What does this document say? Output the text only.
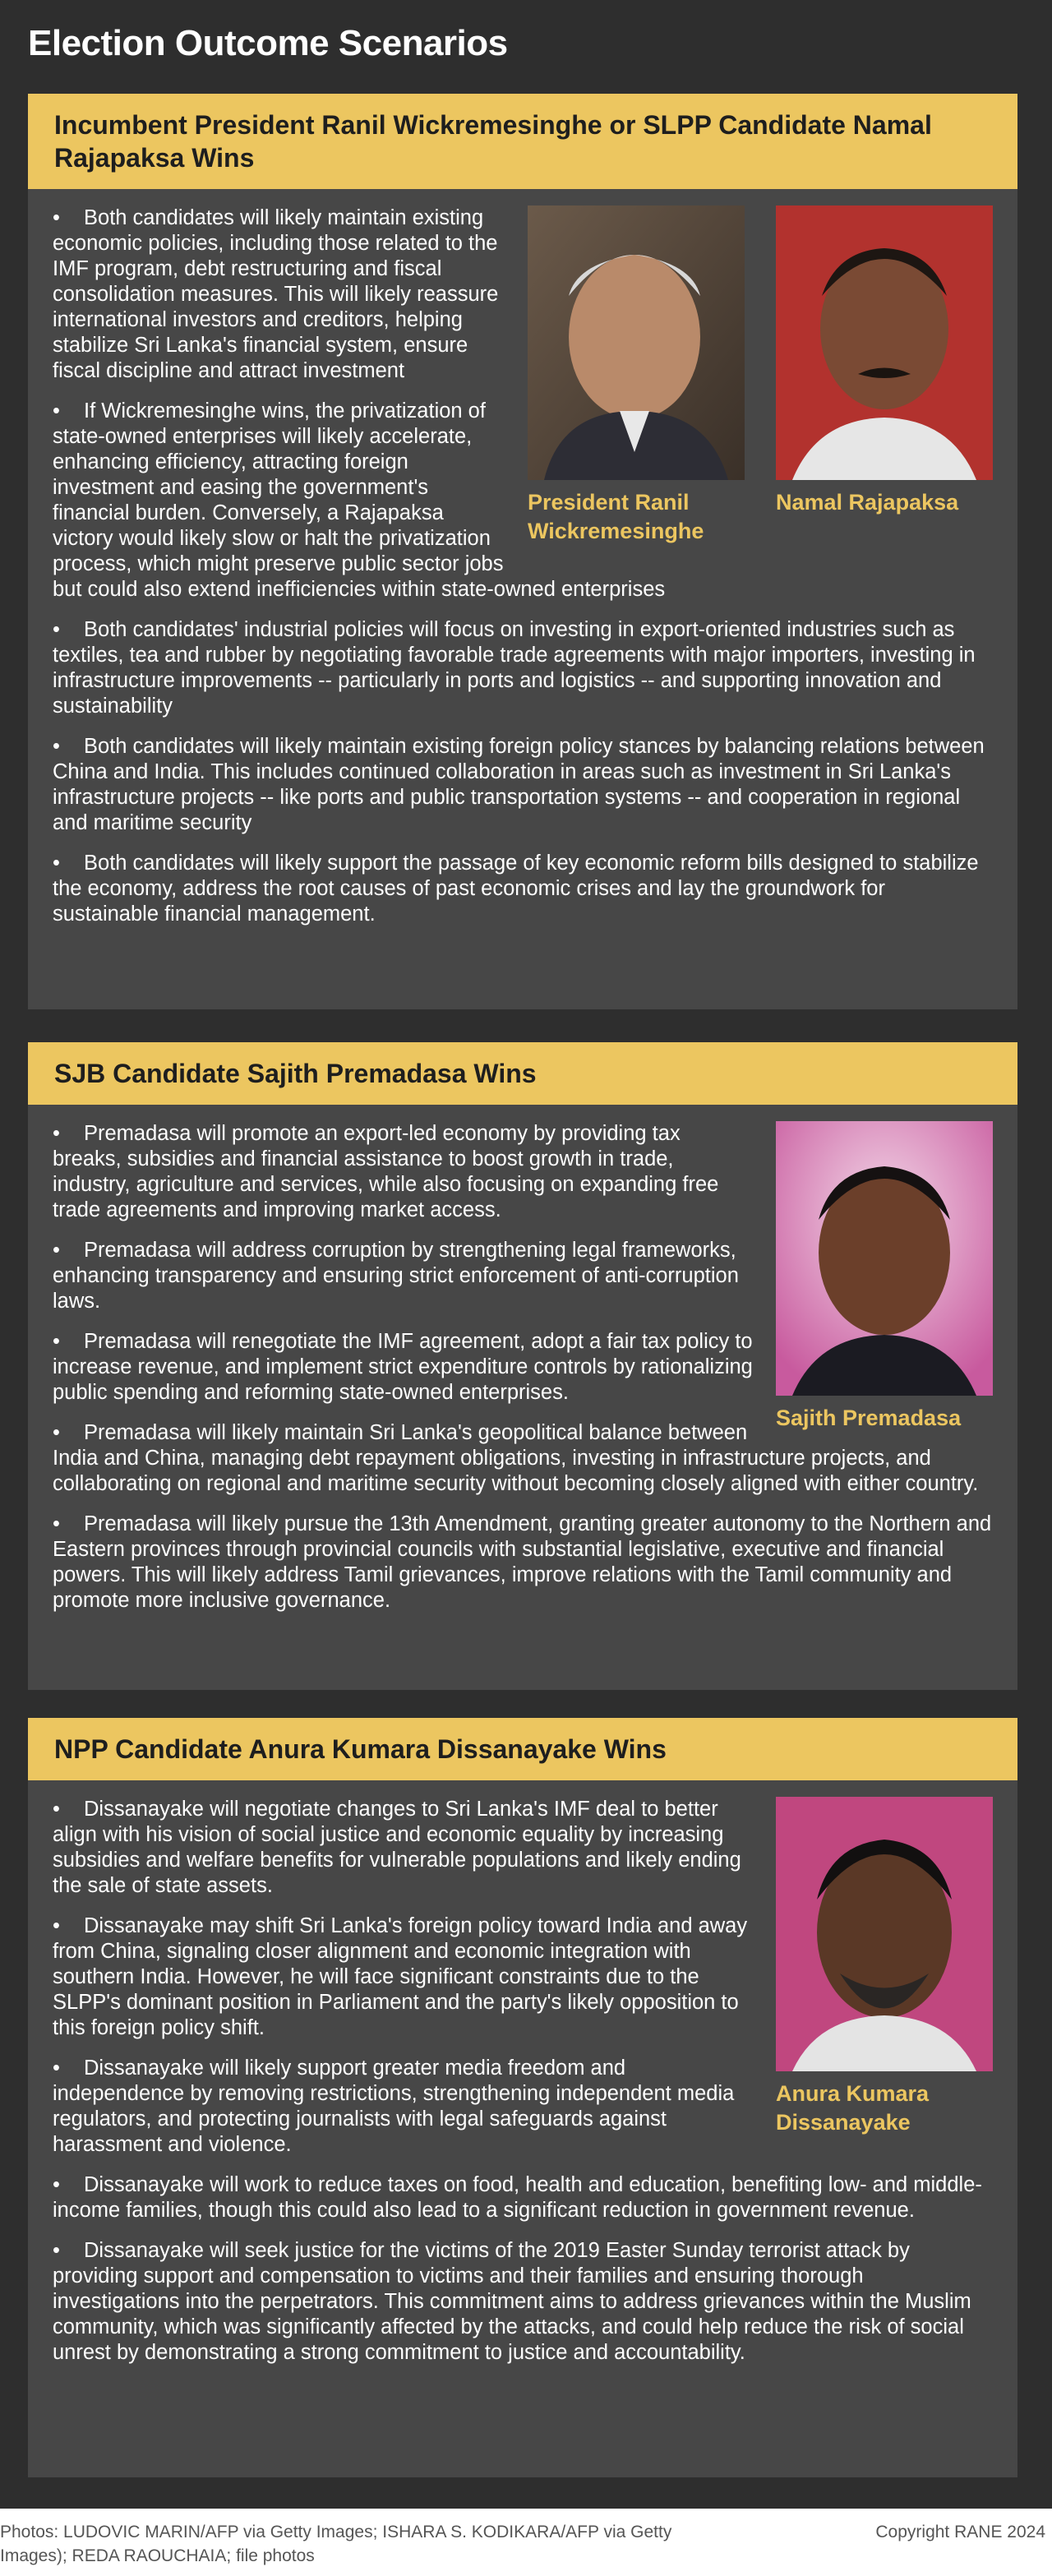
Election Outcome Scenarios
Incumbent President Ranil Wickremesinghe or SLPP Candidate Namal Rajapaksa Wins
President Ranil Wickremesinghe
Namal Rajapaksa

• Both candidates will likely maintain existing economic policies, including those related to the IMF program, debt restructuring and fiscal consolidation measures. This will likely reassure international investors and creditors, helping stabilize Sri Lanka's financial system, ensure fiscal discipline and attract investment

• If Wickremesinghe wins, the privatization of state-owned enterprises will likely accelerate, enhancing efficiency, attracting foreign investment and easing the government's financial burden. Conversely, a Rajapaksa victory would likely slow or halt the privatization process, which might preserve public sector jobs but could also extend inefficiencies within state-owned enterprises

• Both candidates' industrial policies will focus on investing in export-oriented industries such as textiles, tea and rubber by negotiating favorable trade agreements with major importers, investing in infrastructure improvements -- particularly in ports and logistics -- and supporting innovation and sustainability

• Both candidates will likely maintain existing foreign policy stances by balancing relations between China and India. This includes continued collaboration in areas such as investment in Sri Lanka's infrastructure projects -- like ports and public transportation systems -- and cooperation in regional and maritime security

• Both candidates will likely support the passage of key economic reform bills designed to stabilize the economy, address the root causes of past economic crises and lay the groundwork for sustainable financial management.

SJB Candidate Sajith Premadasa Wins
Sajith Premadasa

• Premadasa will promote an export-led economy by providing tax breaks, subsidies and financial assistance to boost growth in trade, industry, agriculture and services, while also focusing on expanding free trade agreements and improving market access.

• Premadasa will address corruption by strengthening legal frameworks, enhancing transparency and ensuring strict enforcement of anti-corruption laws.

• Premadasa will renegotiate the IMF agreement, adopt a fair tax policy to increase revenue, and implement strict expenditure controls by rationalizing public spending and reforming state-owned enterprises.

• Premadasa will likely maintain Sri Lanka's geopolitical balance between India and China, managing debt repayment obligations, investing in infrastructure projects, and collaborating on regional and maritime security without becoming closely aligned with either country.

• Premadasa will likely pursue the 13th Amendment, granting greater autonomy to the Northern and Eastern provinces through provincial councils with substantial legislative, executive and financial powers. This will likely address Tamil grievances, improve relations with the Tamil community and promote more inclusive governance.

NPP Candidate Anura Kumara Dissanayake Wins
Anura Kumara Dissanayake

• Dissanayake will negotiate changes to Sri Lanka's IMF deal to better align with his vision of social justice and economic equality by increasing subsidies and welfare benefits for vulnerable populations and likely ending the sale of state assets.

• Dissanayake may shift Sri Lanka's foreign policy toward India and away from China, signaling closer alignment and economic integration with southern India. However, he will face significant constraints due to the SLPP's dominant position in Parliament and the party's likely opposition to this foreign policy shift.

• Dissanayake will likely support greater media freedom and independence by removing restrictions, strengthening independent media regulators, and protecting journalists with legal safeguards against harassment and violence.

• Dissanayake will work to reduce taxes on food, health and education, benefiting low- and middle-income families, though this could also lead to a significant reduction in government revenue.

• Dissanayake will seek justice for the victims of the 2019 Easter Sunday terrorist attack by providing support and compensation to victims and their families and ensuring thorough investigations into the perpetrators. This commitment aims to address grievances within the Muslim community, which was significantly affected by the attacks, and could help reduce the risk of social unrest by demonstrating a strong commitment to justice and accountability.

Photos: LUDOVIC MARIN/AFP via Getty Images; ISHARA S. KODIKARA/AFP via Getty Images); REDA RAOUCHAIA; file photos
Copyright RANE 2024
